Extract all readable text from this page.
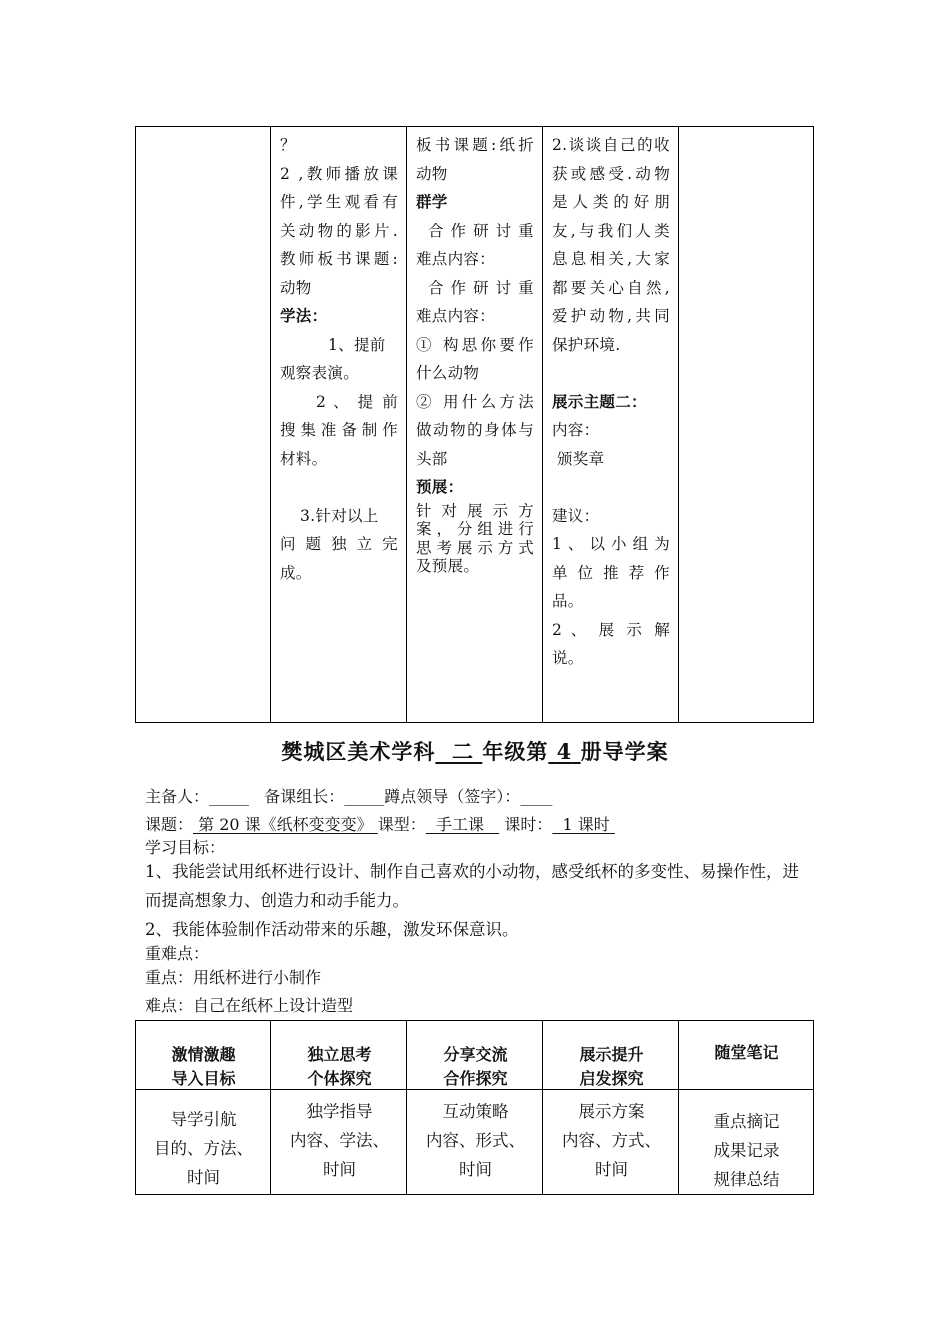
？

2 ,教师播放课

件,学生观看有

关动物的影片.

教师板书课题:

动物

学法：

1、提前

观察表演。

2 、 提 前

搜集准备制作

材料。

3.针对以上

问 题 独 立 完

成。

板书课题:纸折

动物

群学

合作研讨重

难点内容：

合作研讨重

难点内容：

① 构思你要作

什么动物

② 用什么方法

做动物的身体与

头部

预展：

针 对 展 示 方

案，分组进行

思考展示方式

及预展。

2.谈谈自己的收

获或感受.动物

是人类的好朋

友,与我们人类

息息相关,大家

都要关心自然,

爱护动物,共同

保护环境.

展示主题二：

内容：

颁奖章

建议：

1、以小组为

单 位 推 荐 作

品。

2 、 展 示 解

说。

樊城区美术学科 二 年级第 4 册导学案
主备人：_____ 备课组长：_____蹲点领导（签字）：____
课题： 第 20 课《纸杯变变变》 课型： 手工课 课时： 1 课时
学习目标：
1、我能尝试用纸杯进行设计、制作自己喜欢的小动物，感受纸杯的多变性、易操作性，进而提高想象力、创造力和动手能力。
2、我能体验制作活动带来的乐趣，激发环保意识。
重难点：
重点：用纸杯进行小制作
难点：自己在纸杯上设计造型
激情激趣
导入目标
独立思考
个体探究
分享交流
合作探究
展示提升
启发探究
随堂笔记
导学引航
目的、方法、
时间
独学指导
内容、学法、
时间
互动策略
内容、形式、
时间
展示方案
内容、方式、
时间
重点摘记
成果记录
规律总结
